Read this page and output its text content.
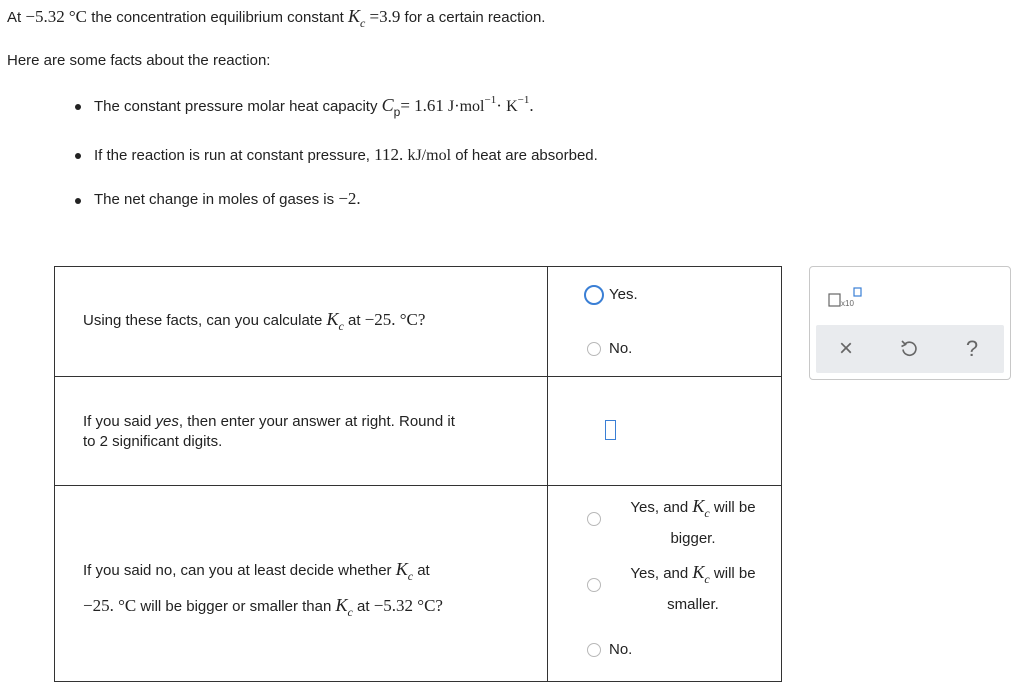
At −5.32 °C the concentration equilibrium constant $K_c =3.9$ for a certain reaction.
Here are some facts about the reaction:
The constant pressure molar heat capacity $C_p= 1.61$ $J\cdot mol^{-1}\cdot K^{-1}$.
If the reaction is run at constant pressure, 112. kJ/mol of heat are absorbed.
The net change in moles of gases is −2.
Using these facts, can you calculate $K_c$ at −25. °C?
Yes.
No.
If you said yes, then enter your answer at right. Round it
to 2 significant digits.
If you said no, can you at least decide whether $K_c$ at
−25. °C will be bigger or smaller than $K_c$ at −5.32 °C?
Yes, and $K_c$ will be
bigger.
Yes, and $K_c$ will be
smaller.
No.
x10
×	?
